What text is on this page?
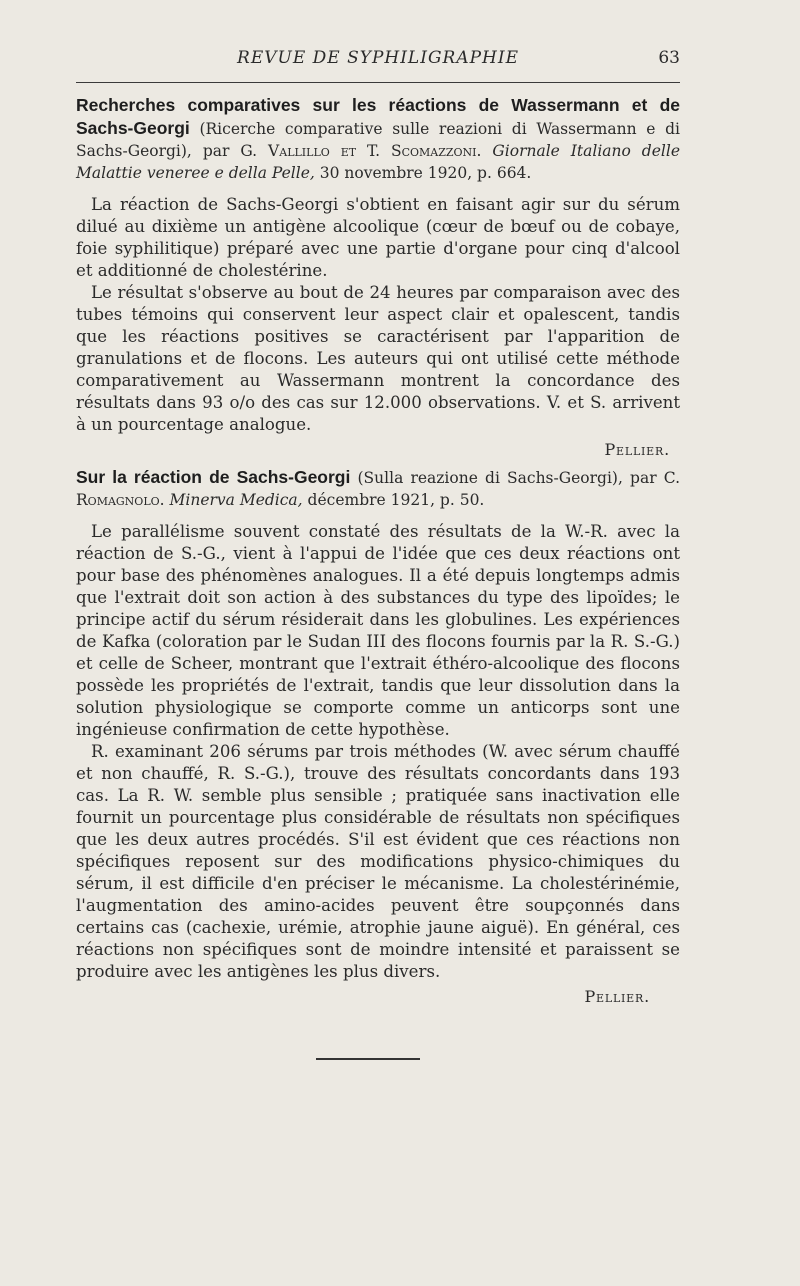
REVUE DE SYPHILIGRAPHIE	63

Recherches comparatives sur les réactions de Wassermann et de Sachs-Georgi (Ricerche comparative sulle reazioni di Wassermann e di Sachs-Georgi), par G. Vallillo et T. Scomazzoni. Giornale Italiano delle Malattie veneree e della Pelle, 30 novembre 1920, p. 664.

La réaction de Sachs-Georgi s'obtient en faisant agir sur du sérum dilué au dixième un antigène alcoolique (cœur de bœuf ou de cobaye, foie syphilitique) préparé avec une partie d'organe pour cinq d'alcool et additionné de cholestérine.

Le résultat s'observe au bout de 24 heures par comparaison avec des tubes témoins qui conservent leur aspect clair et opalescent, tandis que les réactions positives se caractérisent par l'apparition de granulations et de flocons. Les auteurs qui ont utilisé cette méthode comparativement au Wassermann montrent la concordance des résultats dans 93 o/o des cas sur 12.000 observations. V. et S. arrivent à un pourcentage analogue.

Pellier.

Sur la réaction de Sachs-Georgi (Sulla reazione di Sachs-Georgi), par C. Romagnolo. Minerva Medica, décembre 1921, p. 50.

Le parallélisme souvent constaté des résultats de la W.-R. avec la réaction de S.-G., vient à l'appui de l'idée que ces deux réactions ont pour base des phénomènes analogues. Il a été depuis longtemps admis que l'extrait doit son action à des substances du type des lipoïdes; le principe actif du sérum résiderait dans les globulines. Les expériences de Kafka (coloration par le Sudan III des flocons fournis par la R. S.-G.) et celle de Scheer, montrant que l'extrait éthéro-alcoolique des flocons possède les propriétés de l'extrait, tandis que leur dissolution dans la solution physiologique se comporte comme un anticorps sont une ingénieuse confirmation de cette hypothèse.

R. examinant 206 sérums par trois méthodes (W. avec sérum chauffé et non chauffé, R. S.-G.), trouve des résultats concordants dans 193 cas. La R. W. semble plus sensible ; pratiquée sans inactivation elle fournit un pourcentage plus considérable de résultats non spécifiques que les deux autres procédés. S'il est évident que ces réactions non spécifiques reposent sur des modifications physico-chimiques du sérum, il est difficile d'en préciser le mécanisme. La cholestérinémie, l'augmentation des amino-acides peuvent être soupçonnés dans certains cas (cachexie, urémie, atrophie jaune aiguë). En général, ces réactions non spécifiques sont de moindre intensité et paraissent se produire avec les antigènes les plus divers.

Pellier.
